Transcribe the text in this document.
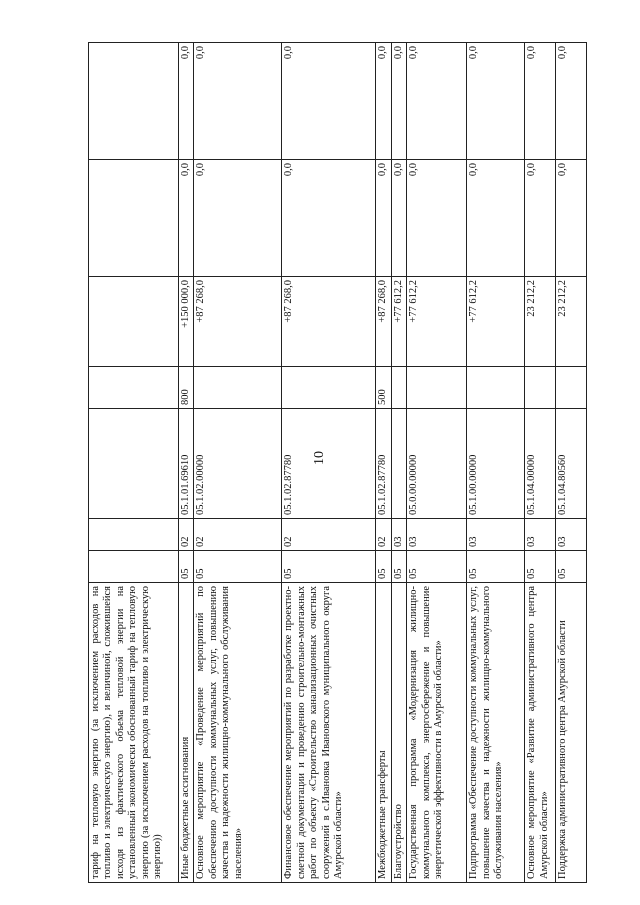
10
тариф на тепловую энергию (за исключением расходов на топливо и электрическую энергию), и величиной, сложившейся исходя из фактического объема тепловой энергии на установленный экономически обоснованный тариф на тепловую энергию (за исключением расходов на топливо и электрическую энергию))							
Иные бюджетные ассигнования	05	02	05.1.01.69610	800	+150 000,0	0,0	0,0
Основное мероприятие «Проведение мероприятий по обеспечению доступности коммунальных услуг, повышению качества и надежности жилищно-коммунального обслуживания населения»	05	02	05.1.02.00000		+87 268,0	0,0	0,0
Финансовое обеспечение мероприятий по разработке проектно-сметной документации и проведению строительно-монтажных работ по объекту «Строительство канализационных очистных сооружений в с.Ивановка Ивановского муниципального округа Амурской области»	05	02	05.1.02.87780		+87 268,0	0,0	0,0
Межбюджетные трансферты	05	02	05.1.02.87780	500	+87 268,0	0,0	0,0
Благоустройство	05	03			+77 612,2	0,0	0,0
Государственная программа «Модернизация жилищно-коммунального комплекса, энергосбережение и повышение энергетической эффективности в Амурской области»	05	03	05.0.00.00000		+77 612,2	0,0	0,0
Подпрограмма «Обеспечение доступности коммунальных услуг, повышение качества и надежности жилищно-коммунального обслуживания населения»	05	03	05.1.00.00000		+77 612,2	0,0	0,0
Основное мероприятие «Развитие административного центра Амурской области»	05	03	05.1.04.00000		23 212,2	0,0	0,0
Поддержка административного центра Амурской области	05	03	05.1.04.80560		23 212,2	0,0	0,0
